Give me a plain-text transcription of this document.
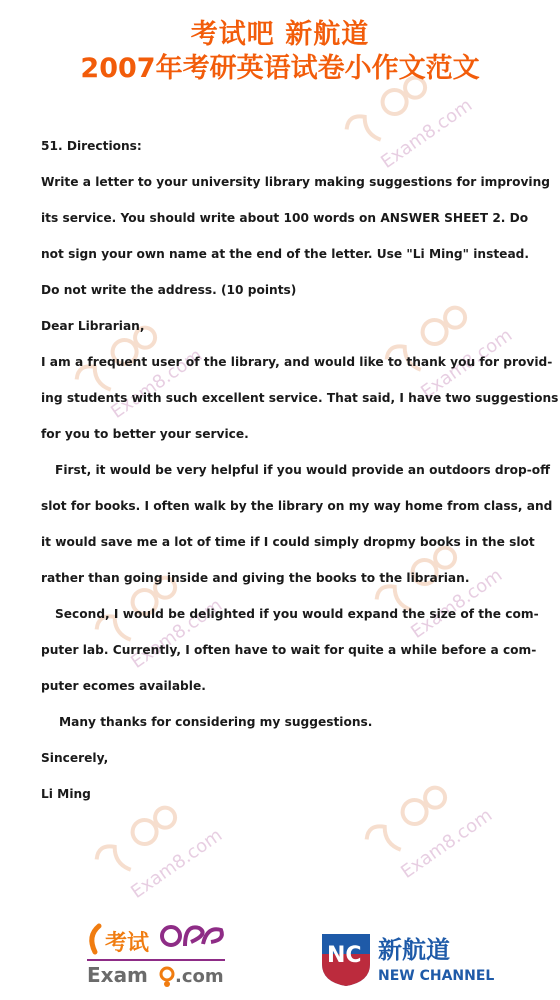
Exam8.com
Exam8.com	Exam8.com
Exam8.com	Exam8.com
Exam8.com	Exam8.com
考试吧 新航道
2007年考研英语试卷小作文范文
51. Directions:
Write a letter to your university library making suggestions for improving
its service. You should write about 100 words on ANSWER SHEET 2. Do
not sign your own name at the end of the letter. Use "Li Ming" instead.
Do not write the address. (10 points)
Dear Librarian,
I am a frequent user of the library, and would like to thank you for provid-
ing students with such excellent service. That said, I have two suggestions
for you to better your service.
First, it would be very helpful if you would provide an outdoors drop-off
slot for books. I often walk by the library on my way home from class, and
it would save me a lot of time if I could simply dropmy books in the slot
rather than going inside and giving the books to the librarian.
Second, I would be delighted if you would expand the size of the com-
puter lab. Currently, I often have to wait for quite a while before a com-
puter ecomes available.
Many thanks for considering my suggestions.
Sincerely,
Li Ming
考试
Exam .com
NC 新航道
NEW CHANNEL
